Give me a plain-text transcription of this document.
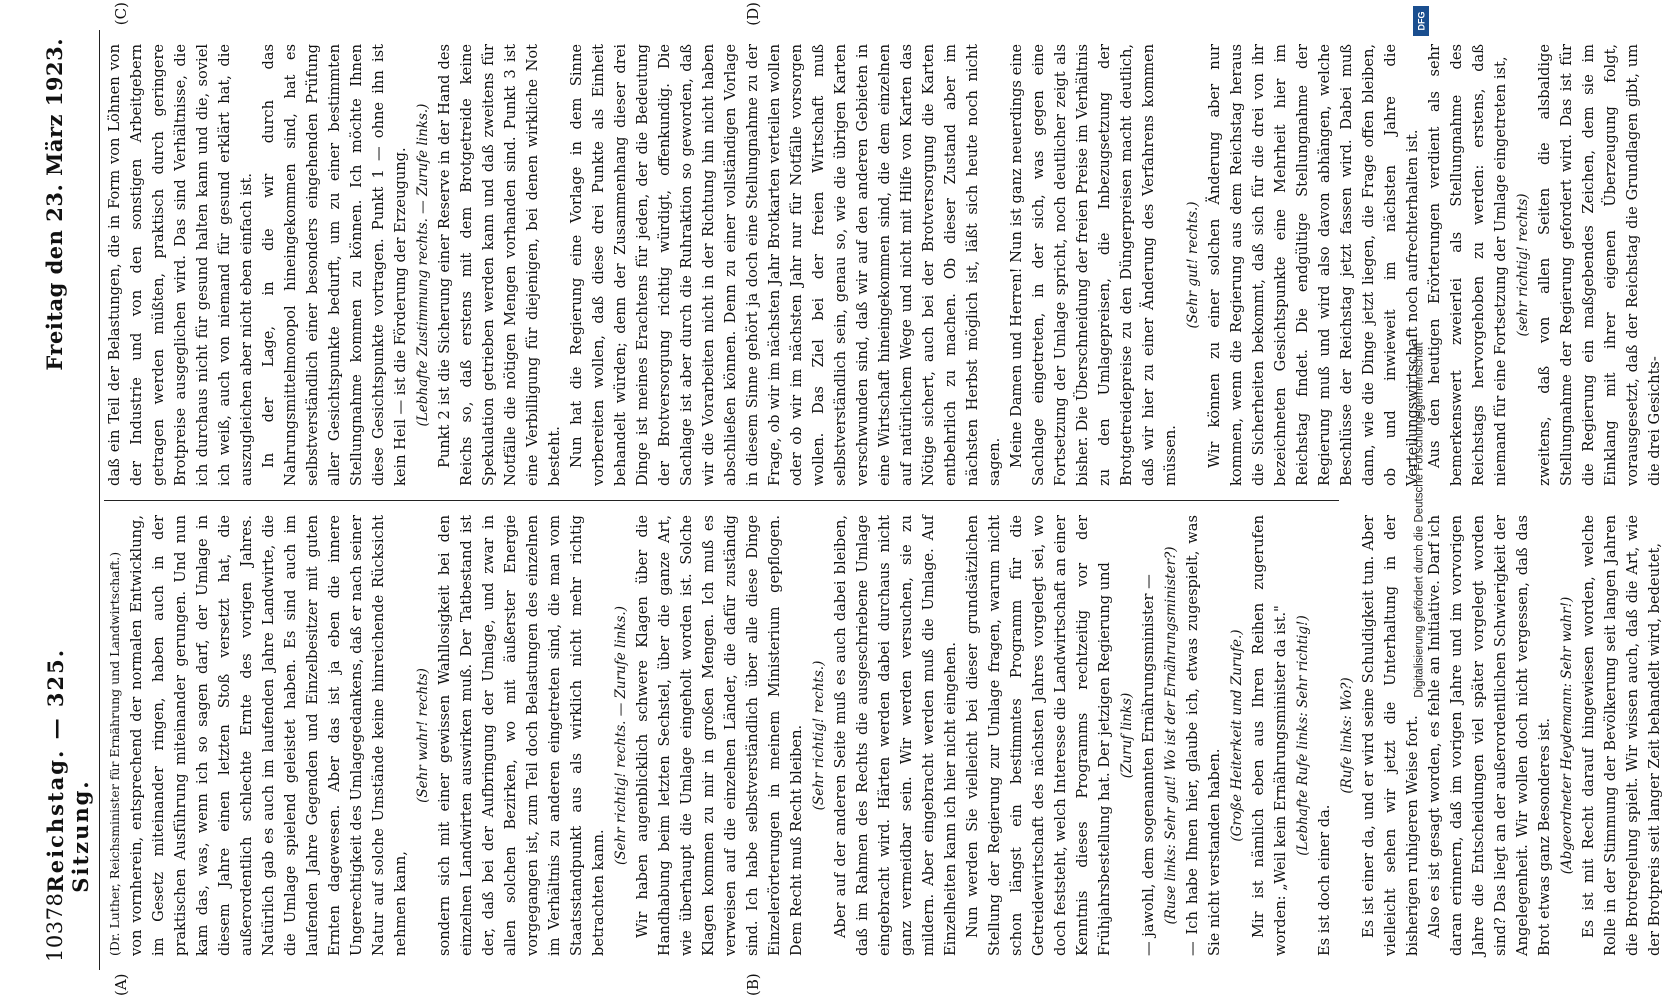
10378
Reichstag. — 325. Sitzung.
Freitag den 23. März 1923.
(A)	(B)
(C)	(D)

(Dr. Luther, Reichsminister für Ernährung und Landwirtschaft.) von vornherein, entsprechend der normalen Entwicklung, im Gesetz miteinander ringen, haben auch in der praktischen Ausführung miteinander gerungen. Und nun kam das, was, wenn ich so sagen darf, der Umlage in diesem Jahre einen letzten Stoß versetzt hat, die außerordentlich schlechte Ernte des vorigen Jahres. Natürlich gab es auch im laufenden Jahre Landwirte, die die Umlage spielend geleistet haben. Es sind auch im laufenden Jahre Gegenden und Einzelbesitzer mit guten Ernten dagewesen. Aber das ist ja eben die innere Ungerechtigkeit des Umlagegedankens, daß er nach seiner Natur auf solche Umstände keine hinreichende Rücksicht nehmen kann,

(Sehr wahr! rechts) sondern sich mit einer gewissen Wahllosigkeit bei den einzelnen Landwirten auswirken muß. Der Tatbestand ist der, daß bei der Aufbringung der Umlage, und zwar in allen solchen Bezirken, wo mit äußerster Energie vorgegangen ist, zum Teil doch Belastungen des einzelnen im Verhältnis zu anderen eingetreten sind, die man vom Staatsstandpunkt aus als wirklich nicht mehr richtig betrachten kann.

(Sehr richtig! rechts. — Zurufe links.) Wir haben augenblicklich schwere Klagen über die Handhabung beim letzten Sechstel, über die ganze Art, wie überhaupt die Umlage eingeholt worden ist. Solche Klagen kommen zu mir in großen Mengen. Ich muß es verweisen auf die einzelnen Länder, die dafür zuständig sind. Ich habe selbstverständlich über alle diese Dinge Einzelerörterungen in meinem Ministerium gepflogen. Dem Recht muß Recht bleiben. (Sehr richtig! rechts.) Aber auf der anderen Seite muß es auch dabei bleiben, daß im Rahmen des Rechts die ausgeschriebene Umlage eingebracht wird. Härten werden dabei durchaus nicht ganz vermeidbar sein. Wir werden versuchen, sie zu mildern. Aber eingebracht werden muß die Umlage. Auf Einzelheiten kann ich hier nicht eingehen. Nun werden Sie vielleicht bei dieser grundsätzlichen Stellung der Regierung zur Umlage fragen, warum nicht schon längst ein bestimmtes Programm für die Getreidewirtschaft des nächsten Jahres vorgelegt sei, wo doch feststeht, welch Interesse die Landwirtschaft an einer Kenntnis dieses Programms rechtzeitig vor der Frühjahrsbestellung hat. Der jetzigen Regierung und (Zuruf links) — jawohl, dem sogenannten Ernährungsminister — (Ruse links: Sehr gut! Wo ist der Ernährungsminister?) — Ich habe Ihnen hier, glaube ich, etwas zugespielt, was Sie nicht verstanden haben.

(Große Heiterkeit und Zurufe.) Mir ist nämlich eben aus Ihren Reihen zugerufen worden: „Weil kein Ernährungsminister da ist." (Lebhafte Rufe links: Sehr richtig!)

Es ist doch einer da.

(Rufe links: Wo?) Es ist einer da, und er wird seine Schuldigkeit tun. Aber vielleicht sehen wir jetzt die Unterhaltung in der bisherigen ruhigeren Weise fort. Also es ist gesagt worden, es fehle an Initiative. Darf ich daran erinnern, daß im vorigen Jahre und im vorvorigen Jahre die Entscheidungen viel später vorgelegt worden sind? Das liegt an der außerordentlichen Schwierigkeit der Angelegenheit. Wir wollen doch nicht vergessen, daß das Brot etwas ganz Besonderes ist. (Abgeordneter Heydemann: Sehr wahr!) Es ist mit Recht darauf hingewiesen worden, welche Rolle in der Stimmung der Bevölkerung seit langen Jahren die Brotregelung spielt. Wir wissen auch, daß die Art, wie der Brotpreis seit langer Zeit behandelt wird, bedeutet,

daß ein Teil der Belastungen, die in Form von Löhnen von der Industrie und von den sonstigen Arbeitgebern getragen werden müßten, praktisch durch geringere Brotpreise ausgeglichen wird. Das sind Verhältnisse, die ich durchaus nicht für gesund halten kann und die, soviel ich weiß, auch von niemand für gesund erklärt hat, die auszugleichen aber nicht eben einfach ist. In der Lage, in die wir durch das Nahrungsmittelmonopol hineingekommen sind, hat es selbstverständlich einer besonders eingehenden Prüfung aller Gesichtspunkte bedurft, um zu einer bestimmten Stellungnahme kommen zu können. Ich möchte Ihnen diese Gesichtspunkte vortragen. Punkt 1 — ohne ihn ist kein Heil — ist die Förderung der Erzeugung. (Lebhafte Zustimmung rechts. — Zurufe links.) Punkt 2 ist die Sicherung einer Reserve in der Hand des Reichs so, daß erstens mit dem Brotgetreide keine Spekulation getrieben werden kann und daß zweitens für Notfälle die nötigen Mengen vorhanden sind. Punkt 3 ist eine Verbilligung für diejenigen, bei denen wirkliche Not besteht. Nun hat die Regierung eine Vorlage in dem Sinne vorbereiten wollen, daß diese drei Punkte als Einheit behandelt würden; denn der Zusammenhang dieser drei Dinge ist meines Erachtens für jeden, der die Bedeutung der Brotversorgung richtig würdigt, offenkundig. Die Sachlage ist aber durch die Ruhraktion so geworden, daß wir die Vorarbeiten nicht in der Richtung hin nicht haben abschließen können. Denn zu einer vollständigen Vorlage in diesem Sinne gehört ja doch eine Stellungnahme zu der Frage, ob wir im nächsten Jahr Brotkarten verteilen wollen oder ob wir im nächsten Jahr nur für Notfälle vorsorgen wollen. Das Ziel bei der freien Wirtschaft muß selbstverständlich sein, genau so, wie die übrigen Karten verschwunden sind, daß wir auf den anderen Gebieten in eine Wirtschaft hineingekommen sind, die dem einzelnen auf natürlichem Wege und nicht mit Hilfe von Karten das Nötige sichert, auch bei der Brotversorgung die Karten entbehrlich zu machen. Ob dieser Zustand aber im nächsten Herbst möglich ist, läßt sich heute noch nicht sagen. Meine Damen und Herren! Nun ist ganz neuerdings eine Sachlage eingetreten, in der sich, was gegen eine Fortsetzung der Umlage spricht, noch deutlicher zeigt als bisher. Die Überschneidung der freien Preise im Verhältnis zu den Umlagepreisen, die Inbezugsetzung der Brotgetreidepreise zu den Düngerpreisen macht deutlich, daß wir hier zu einer Änderung des Verfahrens kommen müssen.

(Sehr gut! rechts.) Wir können zu einer solchen Änderung aber nur kommen, wenn die Regierung aus dem Reichstag heraus die Sicherheiten bekommt, daß sich für die drei von ihr bezeichneten Gesichtspunkte eine Mehrheit hier im Reichstag findet. Die endgültige Stellungnahme der Regierung muß und wird also davon abhängen, welche Beschlüsse der Reichstag jetzt fassen wird. Dabei muß dann, wie die Dinge jetzt liegen, die Frage offen bleiben, ob und inwieweit im nächsten Jahre die Verteilungswirtschaft noch aufrechterhalten ist. Aus den heutigen Erörterungen verdient als sehr bemerkenswert zweierlei als Stellungnahme des Reichstags hervorgehoben zu werden: erstens, daß niemand für eine Fortsetzung der Umlage eingetreten ist, (sehr richtig! rechts) zweitens, daß von allen Seiten die alsbaldige Stellungnahme der Regierung gefordert wird. Das ist für die Regierung ein maßgebendes Zeichen, dem sie im Einklang mit ihrer eigenen Überzeugung folgt, vorausgesetzt, daß der Reichstag die Grundlagen gibt, um die drei Gesichts-

DFG
Digitalisierung gefördert durch die Deutsche Forschungsgemeinschaft
